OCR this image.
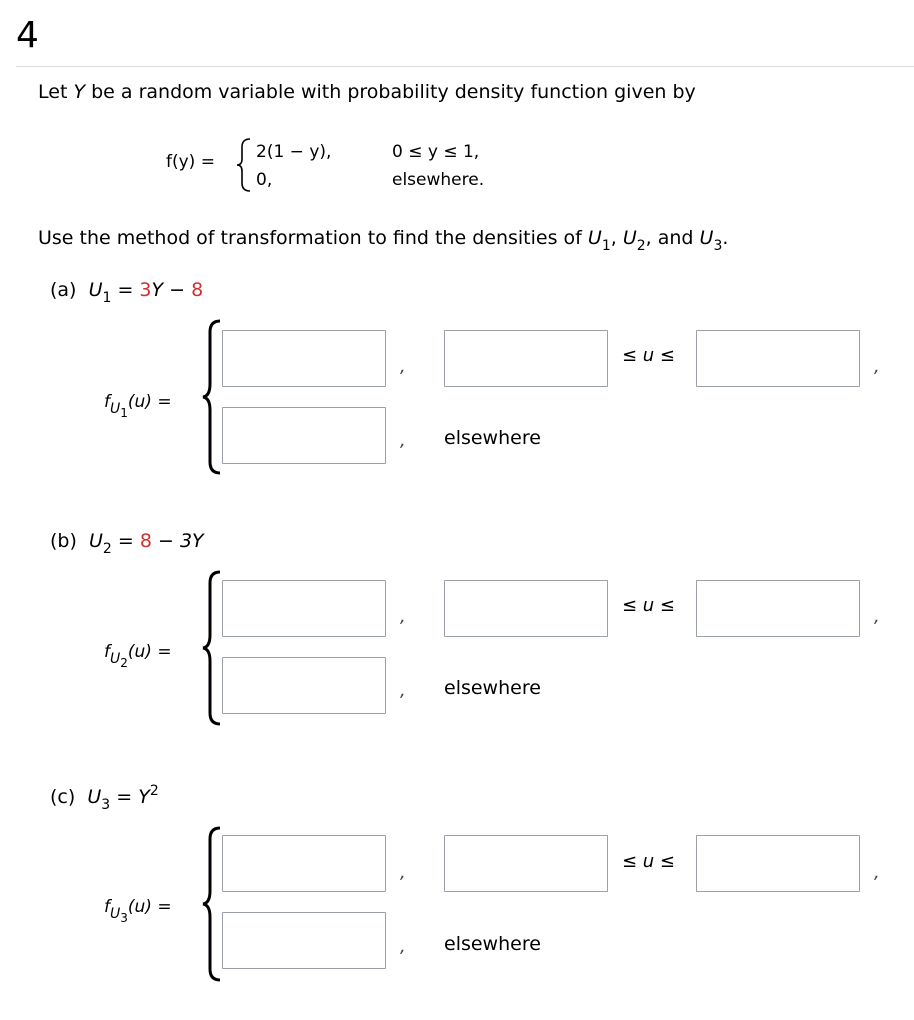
4
Let Y be a random variable with probability density function given by
f(y) = 2(1 − y),	0 ≤ y ≤ 1,
0,	elsewhere.
Use the method of transformation to find the densities of $U_1$, $U_2$, and $U_3$.
(a) $U_1 = 3Y - 8$
$f_{U1}(u)$ =
,
≤ u ≤
,
, elsewhere
(b) $U_2 = 8 - 3Y$
$f_{U2}(u)$ =
,
≤ u ≤
,
, elsewhere
(c) $U_3 = Y^2$
$f_{U3}(u)$ =
,
≤ u ≤
,
, elsewhere
